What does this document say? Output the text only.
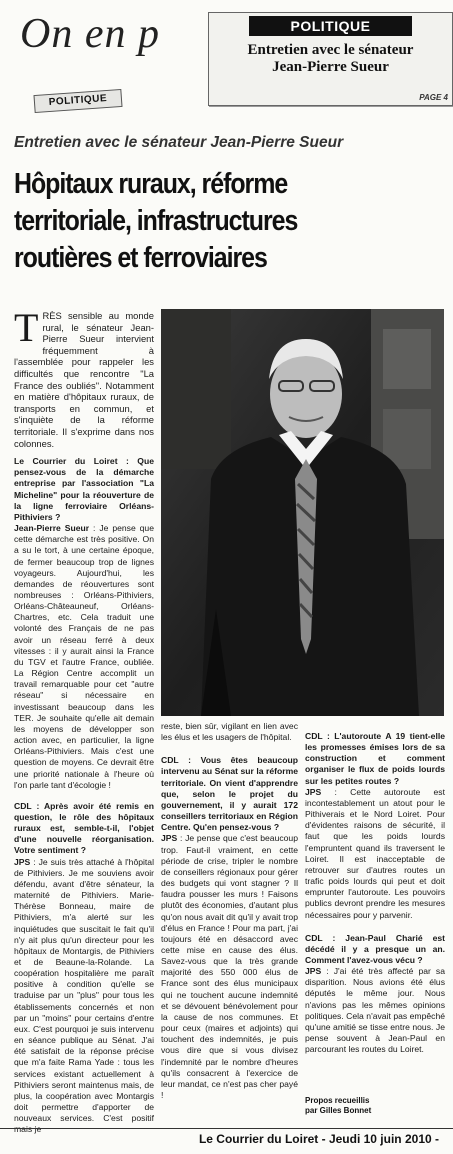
On en p	POLITIQUE
Entretien avec le sénateur
Jean-Pierre Sueur
PAGE 4
POLITIQUE
Entretien avec le sénateur Jean-Pierre Sueur
Hôpitaux ruraux, réforme
territoriale, infrastructures
routières et ferroviaires

TRÈS sensible au monde rural, le sénateur Jean-Pierre Sueur intervient fréquemment à l'assemblée pour rappeler les difficultés que rencontre "La France des oubliés". Notamment en matière d'hôpitaux ruraux, de transports en commun, et s'inquiète de la réforme territoriale. Il s'exprime dans nos colonnes.

Le Courrier du Loiret : Que pensez-vous de la démarche entreprise par l'association "La Micheline" pour la réouverture de la ligne ferroviaire Orléans-Pithiviers ?

Jean-Pierre Sueur : Je pense que cette démarche est très positive. On a su le tort, à une certaine époque, de fermer beaucoup trop de lignes voyageurs. Aujourd'hui, les demandes de réouvertures sont nombreuses : Orléans-Pithiviers, Orléans-Châteauneuf, Orléans-Chartres, etc. Cela traduit une volonté des Français de ne pas avoir un réseau ferré à deux vitesses : il y aurait ainsi la France du TGV et l'autre France, oubliée. La Région Centre accomplit un travail remarquable pour cet "autre réseau" si nécessaire en investissant beaucoup dans les TER. Je souhaite qu'elle ait demain les moyens de développer son action avec, en particulier, la ligne Orléans-Pithiviers. Mais c'est une question de moyens. Ce devrait être une priorité nationale à l'heure où l'on parle tant d'écologie !

CDL : Après avoir été remis en question, le rôle des hôpitaux ruraux est, semble-t-il, l'objet d'une nouvelle réorganisation. Votre sentiment ?

JPS : Je suis très attaché à l'hôpital de Pithiviers. Je me souviens avoir défendu, avant d'être sénateur, la maternité de Pithiviers. Marie-Thérèse Bonneau, maire de Pithiviers, m'a alerté sur les inquiétudes que suscitait le fait qu'il n'y ait plus qu'un directeur pour les hôpitaux de Montargis, de Pithiviers et de Beaune-la-Rolande. La coopération hospitalière me paraît positive à condition qu'elle se traduise par un "plus" pour tous les établissements concernés et non par un "moins" pour certains d'entre eux. C'est pourquoi je suis intervenu en séance publique au Sénat. J'ai été satisfait de la réponse précise que m'a faite Rama Yade : tous les services existant actuellement à Pithiviers seront maintenus mais, de plus, la coopération avec Montargis doit permettre d'apporter de nouveaux services. C'est positif mais je

reste, bien sûr, vigilant en lien avec les élus et les usagers de l'hôpital.

CDL : Vous êtes beaucoup intervenu au Sénat sur la réforme territoriale. On vient d'apprendre que, selon le projet du gouvernement, il y aurait 172 conseillers territoriaux en Région Centre. Qu'en pensez-vous ?

JPS : Je pense que c'est beaucoup trop. Faut-il vraiment, en cette période de crise, tripler le nombre de conseillers régionaux pour gérer des budgets qui vont stagner ? Il faudra pousser les murs ! Faisons plutôt des économies, d'autant plus qu'on nous avait dit qu'il y avait trop d'élus en France ! Pour ma part, j'ai toujours été en désaccord avec cette mise en cause des élus. Savez-vous que la très grande majorité des 550 000 élus de France sont des élus municipaux qui ne touchent aucune indemnité et se dévouent bénévolement pour la cause de nos communes. Et pour ceux (maires et adjoints) qui touchent des indemnités, je puis vous dire que si vous divisez l'indemnité par le nombre d'heures qu'ils consacrent à l'exercice de leur mandat, ce n'est pas cher payé !

CDL : L'autoroute A 19 tient-elle les promesses émises lors de sa construction et comment organiser le flux de poids lourds sur les petites routes ?

JPS : Cette autoroute est incontestablement un atout pour le Pithiverais et le Nord Loiret. Pour d'évidentes raisons de sécurité, il faut que les poids lourds l'empruntent quand ils traversent le Loiret. Il est inacceptable de retrouver sur d'autres routes un trafic poids lourds qui peut et doit emprunter l'autoroute. Les pouvoirs publics devront prendre les mesures nécessaires pour y parvenir.

CDL : Jean-Paul Charié est décédé il y a presque un an. Comment l'avez-vous vécu ?

JPS : J'ai été très affecté par sa disparition. Nous avions été élus députés le même jour. Nous n'avions pas les mêmes opinions politiques. Cela n'avait pas empêché qu'une amitié se tisse entre nous. Je pense souvent à Jean-Paul en parcourant les routes du Loiret.

Propos recueillis
par Gilles Bonnet
Le Courrier du Loiret - Jeudi 10 juin 2010 -
